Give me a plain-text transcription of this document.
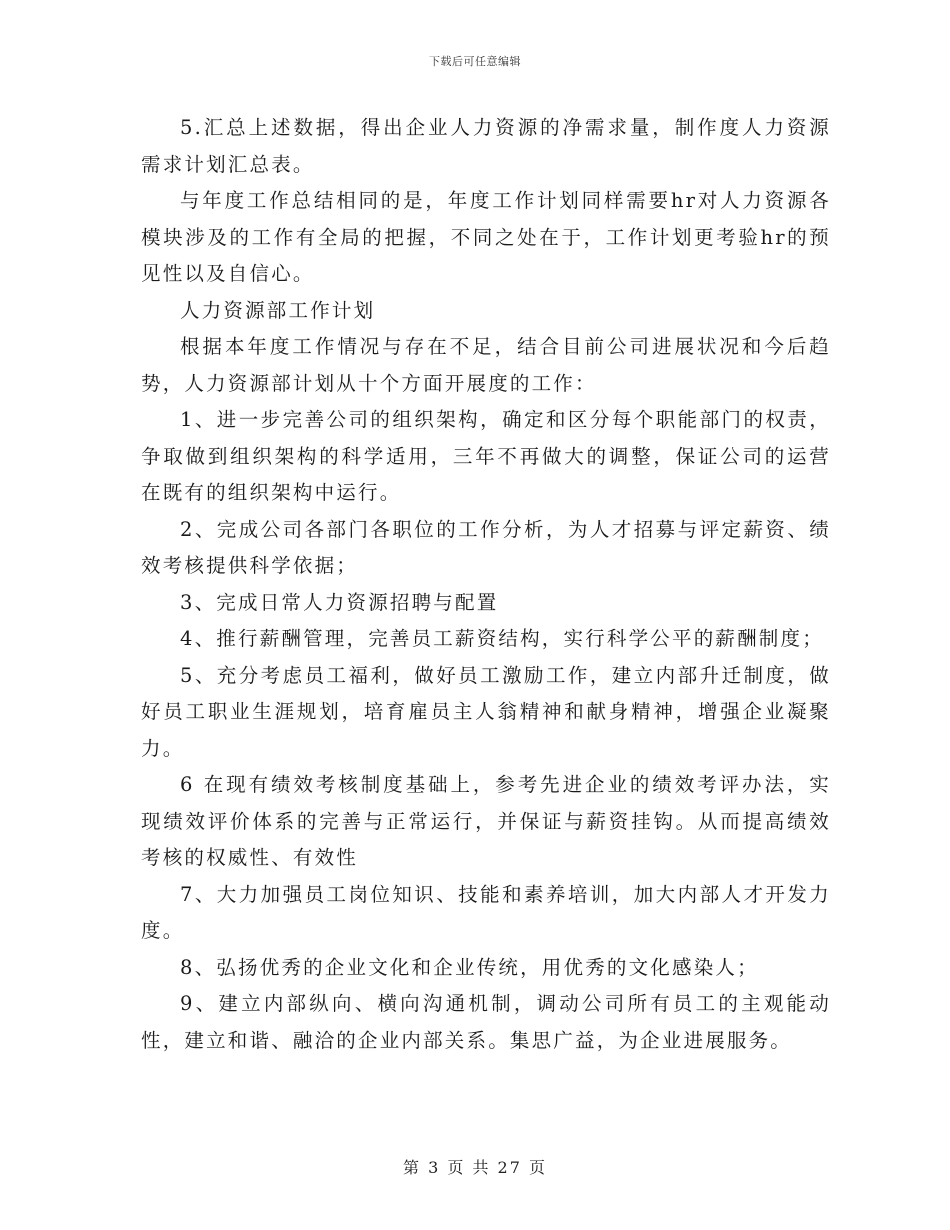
下载后可任意编辑

5.汇总上述数据，得出企业人力资源的净需求量，制作度人力资源需求计划汇总表。

与年度工作总结相同的是，年度工作计划同样需要hr对人力资源各模块涉及的工作有全局的把握，不同之处在于，工作计划更考验hr的预见性以及自信心。

人力资源部工作计划

根据本年度工作情况与存在不足，结合目前公司进展状况和今后趋势，人力资源部计划从十个方面开展度的工作：

1、进一步完善公司的组织架构，确定和区分每个职能部门的权责，争取做到组织架构的科学适用，三年不再做大的调整，保证公司的运营在既有的组织架构中运行。

2、完成公司各部门各职位的工作分析，为人才招募与评定薪资、绩效考核提供科学依据；

3、完成日常人力资源招聘与配置

4、推行薪酬管理，完善员工薪资结构，实行科学公平的薪酬制度；

5、充分考虑员工福利，做好员工激励工作，建立内部升迁制度，做好员工职业生涯规划，培育雇员主人翁精神和献身精神，增强企业凝聚力。

6 在现有绩效考核制度基础上，参考先进企业的绩效考评办法，实现绩效评价体系的完善与正常运行，并保证与薪资挂钩。从而提高绩效考核的权威性、有效性

7、大力加强员工岗位知识、技能和素养培训，加大内部人才开发力度。

8、弘扬优秀的企业文化和企业传统，用优秀的文化感染人；

9、建立内部纵向、横向沟通机制，调动公司所有员工的主观能动性，建立和谐、融洽的企业内部关系。集思广益，为企业进展服务。

第 3 页 共 27 页
